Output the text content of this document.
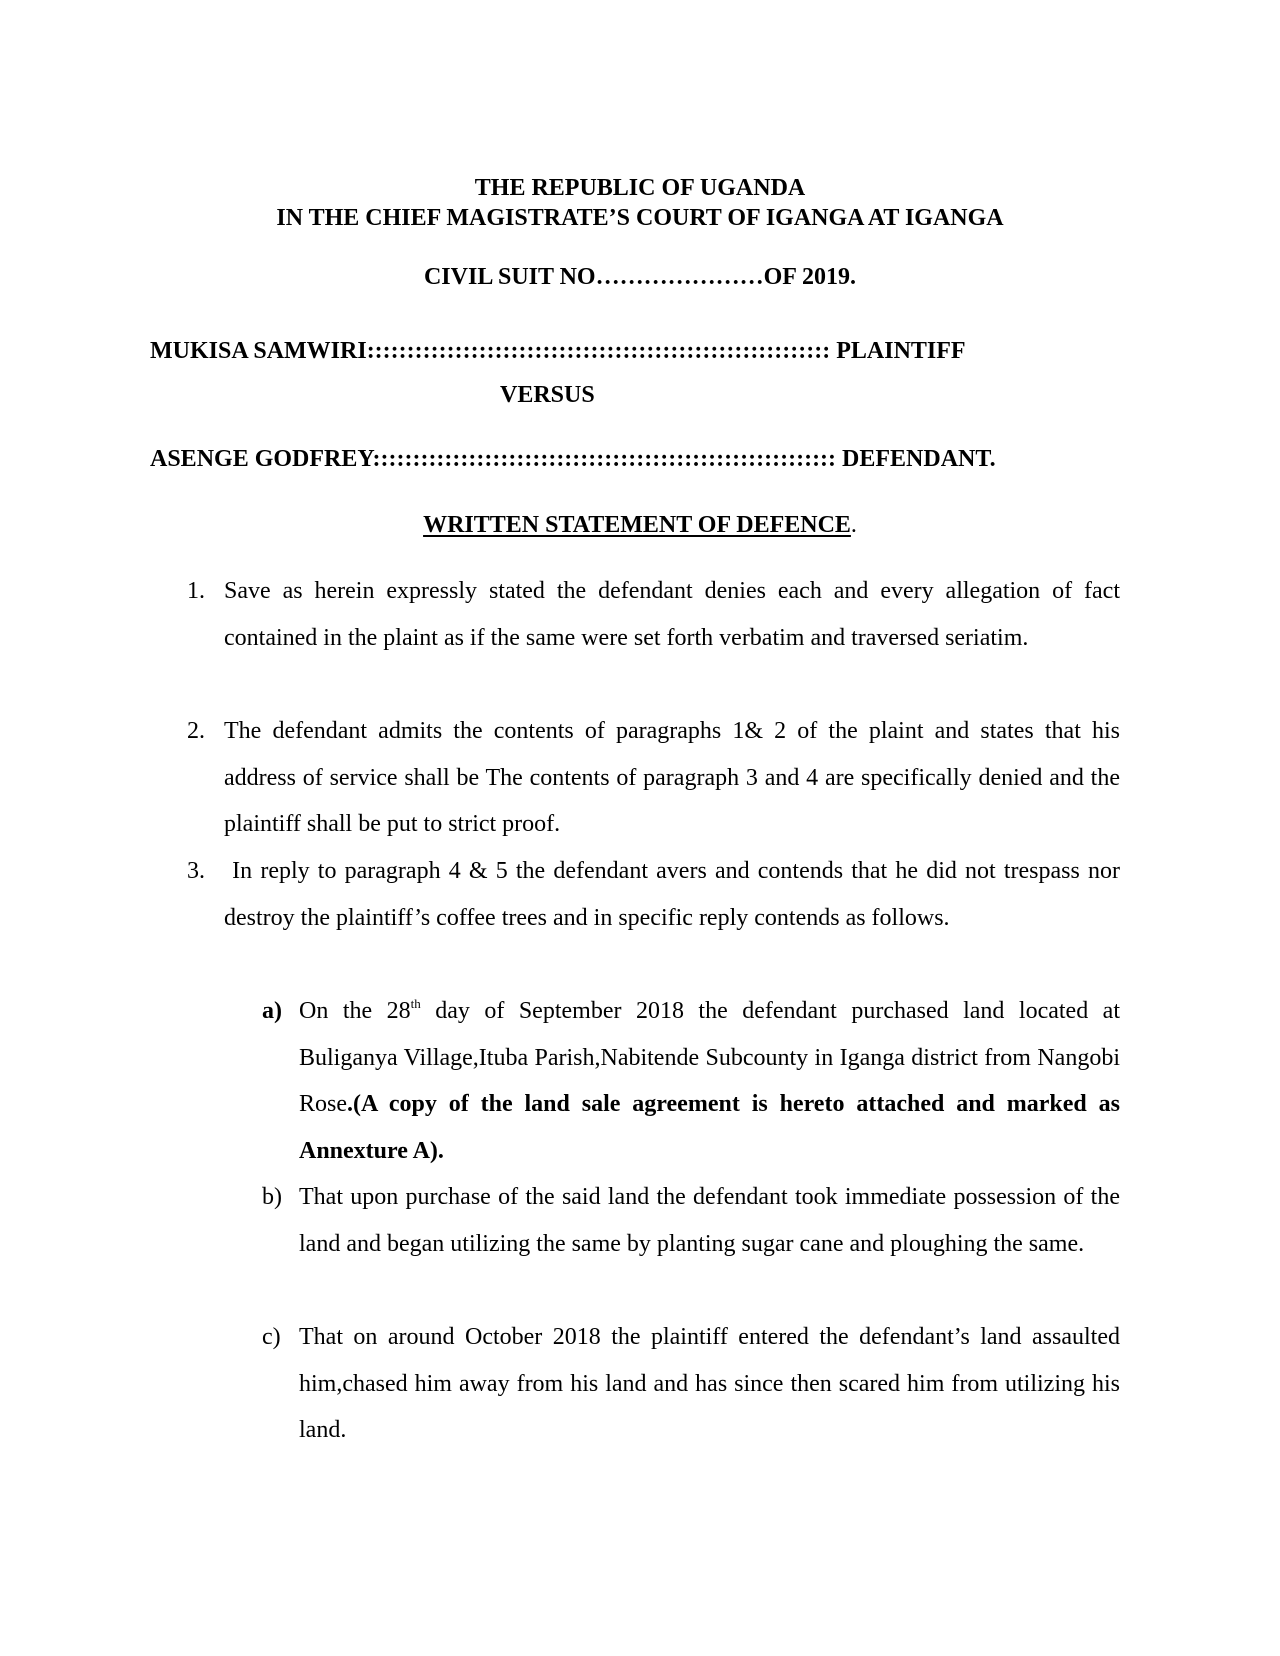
THE REPUBLIC OF UGANDA
IN THE CHIEF MAGISTRATE’S COURT OF IGANGA AT IGANGA
CIVIL SUIT NO…………………OF 2019.
MUKISA SAMWIRI:::::::::::::::::::::::::::::::::::::::::::::::::::::::::: PLAINTIFF
VERSUS
ASENGE GODFREY:::::::::::::::::::::::::::::::::::::::::::::::::::::::::: DEFENDANT.
WRITTEN STATEMENT OF DEFENCE.
1. Save as herein expressly stated the defendant denies each and every allegation of fact contained in the plaint as if the same were set forth verbatim and traversed seriatim.
2. The defendant admits the contents of paragraphs 1& 2 of the plaint and states that his address of service shall be The contents of paragraph 3 and 4 are specifically denied and the plaintiff shall be put to strict proof.
3. In reply to paragraph 4 & 5 the defendant avers and contends that he did not trespass nor destroy the plaintiff’s coffee trees and in specific reply contends as follows.
a) On the 28th day of September 2018 the defendant purchased land located at Buliganya Village,Ituba Parish,Nabitende Subcounty in Iganga district from Nangobi Rose.(A copy of the land sale agreement is hereto attached and marked as Annexture A).
b) That upon purchase of the said land the defendant took immediate possession of the land and began utilizing the same by planting sugar cane and ploughing the same.
c) That on around October 2018 the plaintiff entered the defendant’s land assaulted him,chased him away from his land and has since then scared him from utilizing his land.
